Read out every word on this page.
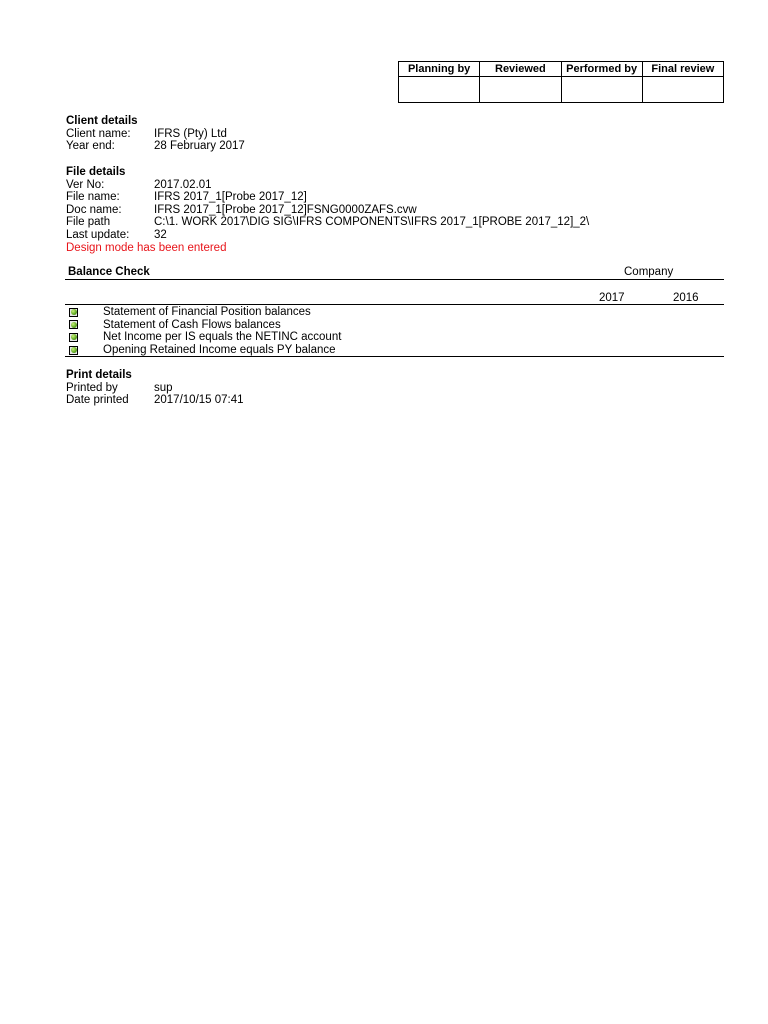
Planning by	Reviewed	Performed by	Final review

Client details
Client name:	IFRS (Pty) Ltd
Year end:	28 February 2017
File details
Ver No:	2017.02.01
File name:	IFRS 2017_1[Probe 2017_12]
Doc name:	IFRS 2017_1[Probe 2017_12]FSNG0000ZAFS.cvw
File path	C:\1. WORK 2017\DIG SIG\IFRS COMPONENTS\IFRS 2017_1[PROBE 2017_12]_2\
Last update:	32
Design mode has been entered
Balance Check	Company
2017	2016
Statement of Financial Position balances
Statement of Cash Flows balances
Net Income per IS equals the NETINC account
Opening Retained Income equals PY balance
Print details
Printed by	sup
Date printed	2017/10/15 07:41
